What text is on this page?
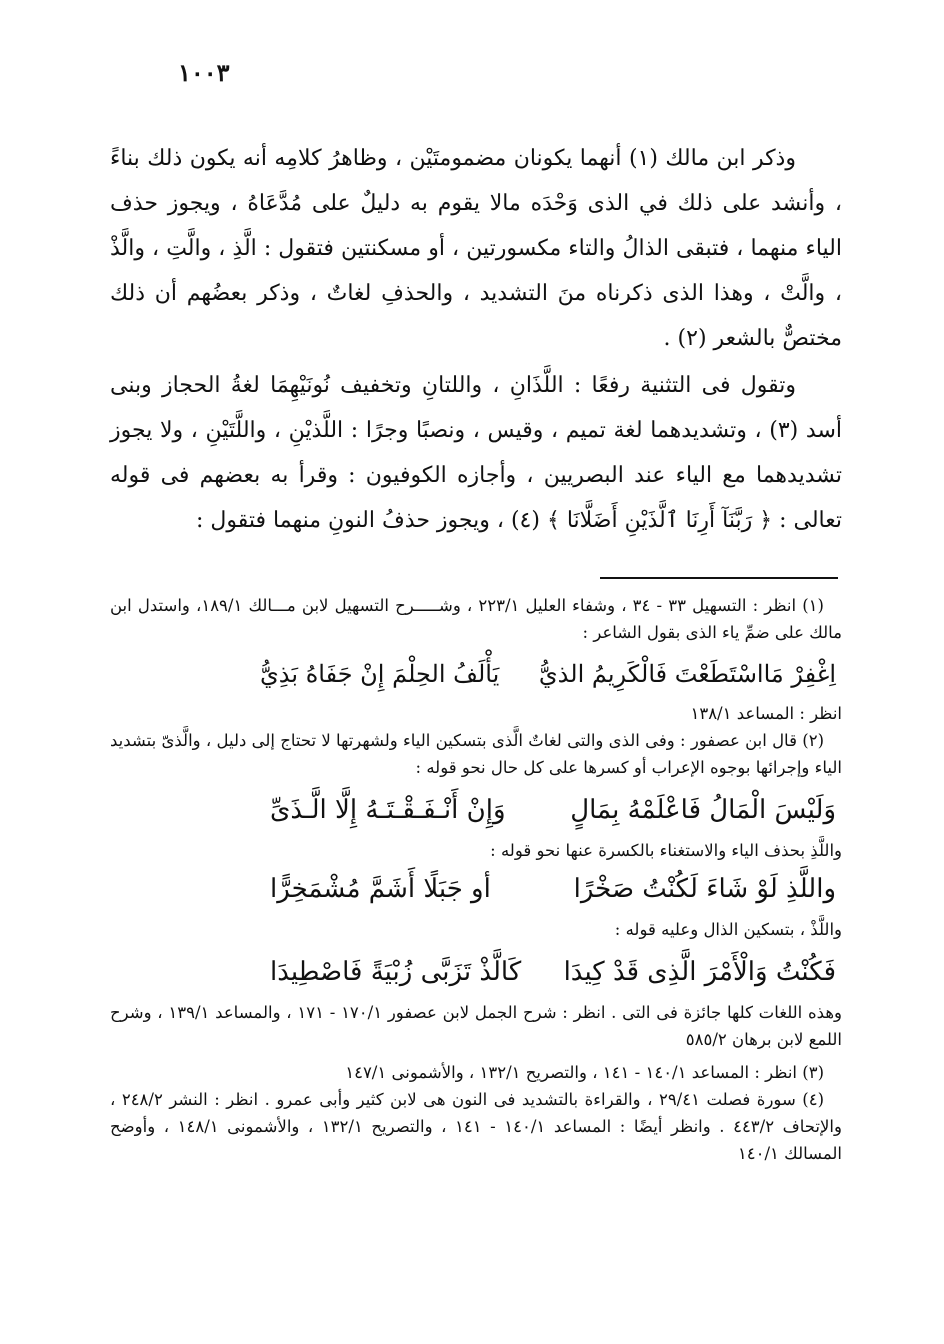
١٠٠٣

وذكر ابن مالك (١) أنهما يكونان مضمومتَيْن ، وظاهرُ كلامِه أنه يكون ذلك بناءً ، وأنشد على ذلك في الذى وَحْدَه مالا يقوم به دليلٌ على مُدَّعَاهُ ، ويجوز حذف الياء منهما ، فتبقى الذالُ والتاء مكسورتين ، أو مسكنتين فتقول : الَّذِ ، والَّتِ ، والَّذْ ، والَّتْ ، وهذا الذى ذكرناه منَ التشديد ، والحذفِ لغاتٌ ، وذكر بعضُهم أن ذلك مختصٌّ بالشعر (٢) .

وتقول فى التثنية رفعًا : اللَّذَانِ ، واللتانِ وتخفيف نُونَيْهِمَا لغةُ الحجاز وبنى أسد (٣) ، وتشديدهما لغة تميم ، وقيس ، ونصبًا وجرًا : اللَّذيْنِ ، واللَّتَيْنِ ، ولا يجوز تشديدهما مع الياء عند البصريين ، وأجازه الكوفيون : وقرأ به بعضهم فى قوله تعالى : ﴿ رَبَّنَآ أَرِنَا ٱلَّذَيْنِ أَضَلَّانَا ﴾ (٤) ، ويجوز حذفُ النونِ منهما فتقول :

(١) انظر : التسهيل ٣٣ - ٣٤ ، وشفاء العليل ٢٢٣/١ ، وشـــــرح التسهيل لابن مـــالك ١٨٩/١، واستدل ابن مالك على ضمِّ ياء الذى بقول الشاعر :

اِغْفِرْ مَااسْتَطَعْتَ فَالْكَرِيمُ الذيُّ
يَأْلَفُ الحِلْمَ إِنْ جَفَاهُ بَذِيُّ

انظر : المساعد ١٣٨/١

(٢) قال ابن عصفور : وفى الذى والتى لغاتٌ الَّذى بتسكين الياء ولشهرتها لا تحتاج إلى دليل ، والَّذىّ بتشديد الياء وإجرائها بوجوه الإعراب أو كسرها على كل حال نحو قوله :

وَلَيْسَ الْمَالُ فَاعْلَمْهُ بِمَالٍ
وَإِنْ أَنْـفَـقْـتَـهُ إِلَّا الَّـذَىِّ

واللَّذِ بحذف الياء والاستغناء بالكسرة عنها نحو قوله :

واللَّذِ لَوْ شَاءَ لَكُنْتُ صَخْرًا
أو جَبَلًا أَشَمَّ مُشْمَخِرًّا

واللَّذْ ، بتسكين الذال وعليه قوله :

فَكُنْتُ وَالْأَمْرَ الَّذِى قَدْ كِيدَا
كَالَّذْ تَزَبَّى زُبْيَةً فَاصْطِيدَا

وهذه اللغات كلها جائزة فى التى . انظر : شرح الجمل لابن عصفور ١٧٠/١ - ١٧١ ، والمساعد ١٣٩/١ ، وشرح اللمع لابن برهان ٥٨٥/٢

(٣) انظر : المساعد ١٤٠/١ - ١٤١ ، والتصريح ١٣٢/١ ، والأشمونى ١٤٧/١

(٤) سورة فصلت ٢٩/٤١ ، والقراءة بالتشديد فى النون هى لابن كثير وأبى عمرو . انظر : النشر ٢٤٨/٢ ، والإتحاف ٤٤٣/٢ . وانظر أيضًا : المساعد ١٤٠/١ - ١٤١ ، والتصريح ١٣٢/١ ، والأشمونى ١٤٨/١ ، وأوضح المسالك ١٤٠/١
